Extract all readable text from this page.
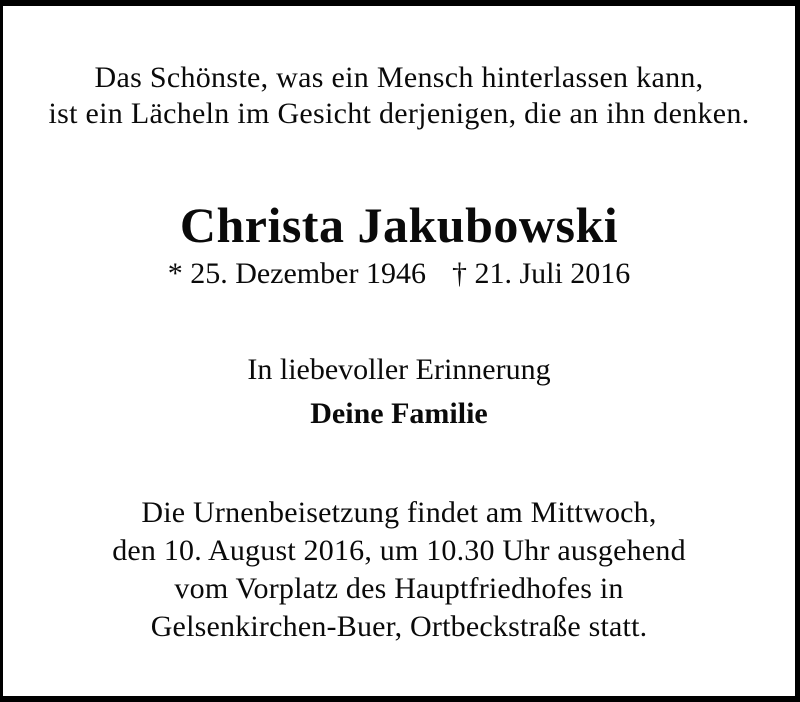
Das Schönste, was ein Mensch hinterlassen kann,
ist ein Lächeln im Gesicht derjenigen, die an ihn denken.
Christa Jakubowski
* 25. Dezember 1946 † 21. Juli 2016
In liebevoller Erinnerung
Deine Familie
Die Urnenbeisetzung findet am Mittwoch,
den 10. August 2016, um 10.30 Uhr ausgehend
vom Vorplatz des Hauptfriedhofes in
Gelsenkirchen-Buer, Ortbeckstraße statt.
